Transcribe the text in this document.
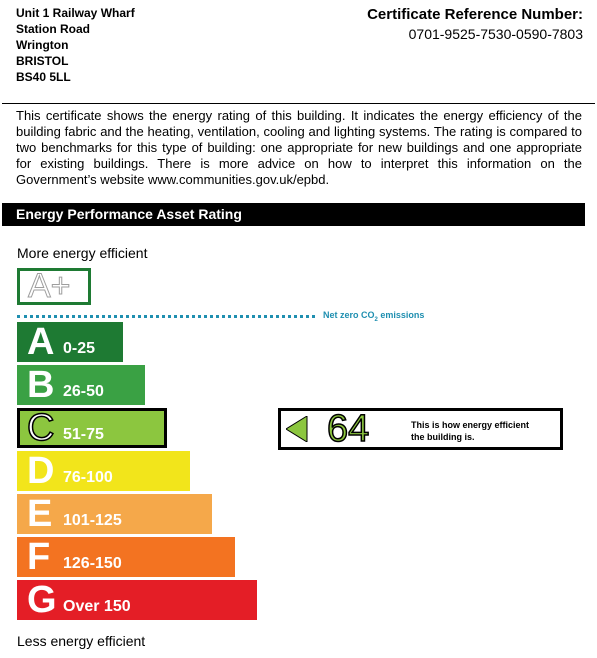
Unit 1 Railway Wharf
Station Road
Wrington
BRISTOL
BS40 5LL
Certificate Reference Number:
0701-9525-7530-0590-7803
This certificate shows the energy rating of this building. It indicates the energy efficiency of the building fabric and the heating, ventilation, cooling and lighting systems. The rating is compared to two benchmarks for this type of building: one appropriate for new buildings and one appropriate for existing buildings. There is more advice on how to interpret this information on the Government’s website www.communities.gov.uk/epbd.
Energy Performance Asset Rating
More energy efficient
A+
Net zero $CO_2$ emissions
A 0-25
B 26-50
C 51-75
D 76-100
E 101-125
F 126-150
G Over 150
64	This is how energy efficient
the building is.
Less energy efficient
